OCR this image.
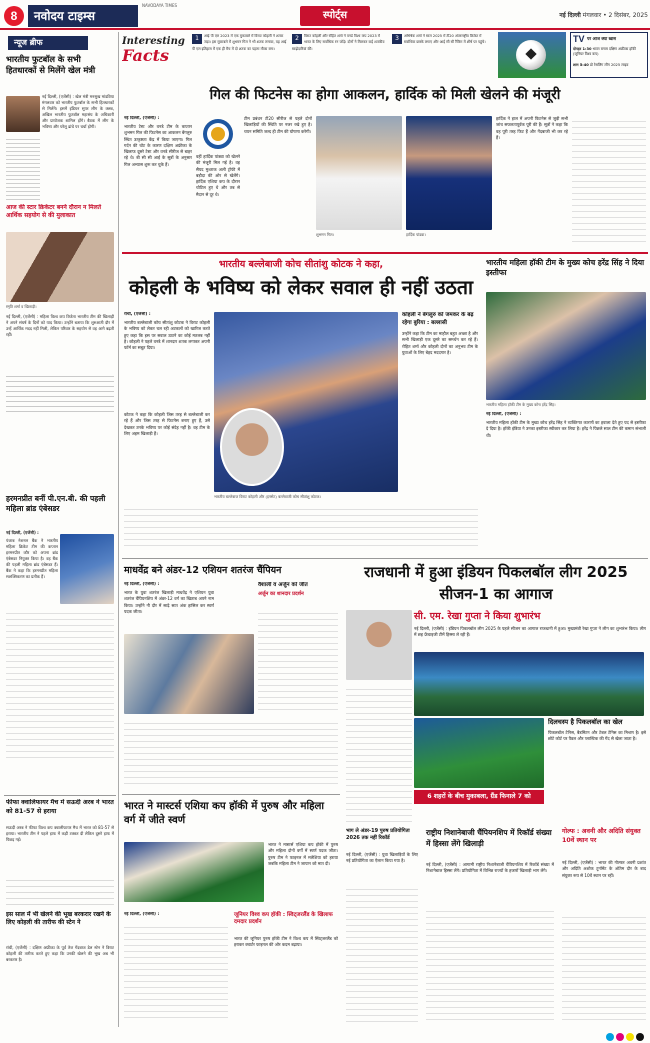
8	नवोदय टाइम्स
NAVODAYA TIMES
स्पोर्ट्स	नई दिल्ली मंगलवार • 2 दिसंबर, 2025
Interesting
Facts
1	आई पी एल 2023 में एक मुकाबले में विराट कोहली ने शतक जड़ा। इस मुकाबले में शुभमन गिल ने भी शतक लगाया, यह आई पी एल इतिहास में एक ही मैच में दो शतक का पहला मौका बना।
2	विराट कोहली और रोहित शर्मा ने वनडे विश्व कप 2023 में भारत के लिए सर्वाधिक रन जोड़े। दोनों ने मिलकर कई शतकीय साझेदारियां कीं।
3	अभिषेक शर्मा ने साल 2025 में टी20 अंतरराष्ट्रीय क्रिकेट में सर्वाधिक छक्के लगाए और आई सी सी रैंकिंग में शीर्ष पर पहुंचे।	TV पर आज क्या खास
दोपहर 1:30 भारत बनाम दक्षिण अफ्रीका हॉकी (जूनियर विश्व कप)
शाम 5:40 प्रो रेसलिंग लीग 2025 लाइव
न्यूज ब्रीफ
भारतीय फुटबॉल के सभी हितधारकों से मिलेंगे खेल मंत्री
नई दिल्ली, (एजेंसी) : खेल मंत्री मनसुख मांडविया मंगलवार को भारतीय फुटबॉल के सभी हितधारकों से मिलेंगे। इसमें इंडियन सुपर लीग के क्लब, अखिल भारतीय फुटबॉल महासंघ के अधिकारी और प्रायोजक शामिल होंगे। बैठक में लीग के भविष्य और घरेलू ढांचे पर चर्चा होगी।
आज की स्टार क्रिकेटर बनने दौरान न मिलते आर्थिक सहयोग से की मुलाकात
स्मृति शर्मा व खिलाड़ी।
नई दिल्ली, (एजेंसी) : महिला विश्व कप विजेता भारतीय टीम की खिलाड़ी ने अपने संघर्ष के दिनों को याद किया। उन्होंने बताया कि शुरुआती दौर में उन्हें आर्थिक मदद नहीं मिली, लेकिन परिवार के सहयोग से वह आगे बढ़ती रहीं।
हरमनप्रीत बनीं पी.एन.बी. की पहली महिला ब्रांड एंबेसडर
नई दिल्ली, (एजेंसी) :
पंजाब नेशनल बैंक ने भारतीय महिला क्रिकेट टीम की कप्तान हरमनप्रीत कौर को अपना ब्रांड एंबेसडर नियुक्त किया है। वह बैंक की पहली महिला ब्रांड एंबेसडर हैं। बैंक ने कहा कि हरमनप्रीत महिला सशक्तिकरण का प्रतीक हैं।
फीफा क्वालिफायर मैच में सऊदी अरब ने भारत को 81-57 से हराया
सऊदी अरब ने फीफा विश्व कप क्वालीफायर मैच में भारत को 81-57 से हराया। भारतीय टीम ने पहले हाफ में कड़ी टक्कर दी लेकिन दूसरे हाफ में पिछड़ गई।
इस साल में भी खेलने की भूख बरकरार रखने के लिए कोहली की तारीफ की स्टेन ने
रांची, (एजेंसी) : दक्षिण अफ्रीका के पूर्व तेज गेंदबाज डेल स्टेन ने विराट कोहली की तारीफ करते हुए कहा कि उनकी खेलने की भूख अब भी बरकरार है।
गिल की फिटनेस का होगा आकलन, हार्दिक को मिली खेलने की मंजूरी
नई दिल्ली, (एजेंसी) :
भारतीय टेस्ट और वनडे टीम के कप्तान शुभमन गिल की फिटनेस का आकलन बेंगलुरु स्थित उत्कृष्टता केंद्र में किया जाएगा। गिल गर्दन की चोट के कारण दक्षिण अफ्रीका के खिलाफ दूसरे टेस्ट और वनडे सीरीज से बाहर रहे थे। बी सी सी आई के सूत्रों के अनुसार गिल अभ्यास शुरू कर चुके हैं।
वहीं हार्दिक पांड्या को खेलने की मंजूरी मिल गई है। वह सैयद मुश्ताक अली ट्रॉफी में बड़ौदा की ओर से खेलेंगे। हार्दिक एशिया कप के दौरान चोटिल हुए थे और तब से मैदान से दूर थे।
टीम प्रबंधन टी20 सीरीज से पहले दोनों खिलाड़ियों की स्थिति पर नजर रखे हुए है। चयन समिति जल्द ही टीम की घोषणा करेगी।
शुभमन गिल।	हार्दिक पांड्या।
हार्दिक ने हाल में अपनी फिटनेस से जुड़ी सभी जांच सफलतापूर्वक पूरी की हैं। सूत्रों ने कहा कि वह पूरी तरह फिट हैं और गेंदबाजी भी कर रहे हैं।
भारतीय बल्लेबाजी कोच सीतांशु कोटक ने कहा,
कोहली के भविष्य को लेकर सवाल ही नहीं उठता
रांची, (एजेंसी) :
भारतीय बल्लेबाजी कोच सीतांशु कोटक ने विराट कोहली के भविष्य को लेकर चल रही अटकलों को खारिज करते हुए कहा कि इस पर सवाल उठाने का कोई मतलब नहीं है। कोहली ने पहले वनडे में शानदार शतक लगाकर अपनी फॉर्म का सबूत दिया।
कोटक ने कहा कि कोहली जिस तरह से बल्लेबाजी कर रहे हैं और जिस तरह से फिटनेस बनाए हुए हैं, उसे देखकर उनके भविष्य पर कोई संदेह नहीं है। वह टीम के लिए अहम खिलाड़ी हैं।
भारतीय बल्लेबाज विराट कोहली और (इनसेट) बल्लेबाजी कोच सीतांशु कोटक।
कोहली ने बेंगलुरु को जमकर के बढ़ रहेगा बुरिया : बल्लासी
उन्होंने कहा कि टीम का माहौल बहुत अच्छा है और सभी खिलाड़ी एक दूसरे का समर्थन कर रहे हैं। रोहित शर्मा और कोहली दोनों का अनुभव टीम के युवाओं के लिए बेहद मददगार है।
भारतीय महिला हॉकी टीम के मुख्य कोच हरेंद्र सिंह ने दिया इस्तीफा
भारतीय महिला हॉकी टीम के मुख्य कोच हरेंद्र सिंह।
नई दिल्ली, (एजेंसी) :
भारतीय महिला हॉकी टीम के मुख्य कोच हरेंद्र सिंह ने व्यक्तिगत कारणों का हवाला देते हुए पद से इस्तीफा दे दिया है। हॉकी इंडिया ने उनका इस्तीफा स्वीकार कर लिया है। हरेंद्र ने पिछले साल टीम की कमान संभाली थी।
माधवेंद्र बने अंडर-12 एशियन शतरंज चैंपियन
नई दिल्ली, (एजेंसी) :
भारत के युवा शतरंज खिलाड़ी माधवेंद्र ने एशियन युवा शतरंज चैंपियनशिप में अंडर-12 वर्ग का खिताब अपने नाम किया। उन्होंने नौ दौर में साढ़े सात अंक हासिल कर स्वर्ण पदक जीता।
वैशाली व अर्जुन को जीत
अर्जुन का शानदार प्रदर्शन
राजधानी में हुआ इंडियन पिकलबॉल लीग 2025 सीजन-1 का आगाज
सी. एम. रेखा गुप्ता ने किया शुभारंभ
नई दिल्ली, (एजेंसी) : इंडियन पिकलबॉल लीग 2025 के पहले सीजन का आगाज राजधानी में हुआ। मुख्यमंत्री रेखा गुप्ता ने लीग का शुभारंभ किया। लीग में छह फ्रेंचाइजी टीमें हिस्सा ले रही हैं।
6 शहरों के बीच मुकाबला, ग्रैंड फिनाले 7 को
दिलचस्प है पिकलबॉल का खेल
पिकलबॉल टेनिस, बैडमिंटन और टेबल टेनिस का मिश्रण है। इसे छोटे कोर्ट पर पैडल और प्लास्टिक की गेंद से खेला जाता है।
भारत ने मास्टर्स एशिया कप हॉकी में पुरुष और महिला वर्ग में जीते स्वर्ण
भारत ने मास्टर्स एशिया कप हॉकी में पुरुष और महिला दोनों वर्गों में स्वर्ण पदक जीता। पुरुष टीम ने फाइनल में मलेशिया को हराया जबकि महिला टीम ने जापान को मात दी।
नई दिल्ली, (एजेंसी) :	जूनियर विश्व कप हॉकी : स्विट्जरलैंड के खिलाफ दमदार प्रदर्शन
भारत की जूनियर पुरुष हॉकी टीम ने विश्व कप में स्विट्जरलैंड को हराकर क्वार्टर फाइनल की ओर कदम बढ़ाया।
भाग ले अंडर-19 पुरुष प्रतियोगिता 2026 तक नहीं रिकॉर्ड
नई दिल्ली, (एजेंसी) : युवा खिलाड़ियों के लिए नई प्रतियोगिता का ऐलान किया गया है।
राष्ट्रीय निशानेबाजी चैंपियनशिप में रिकॉर्ड संख्या में हिस्सा लेंगे खिलाड़ी
नई दिल्ली, (एजेंसी) : आगामी राष्ट्रीय निशानेबाजी चैंपियनशिप में रिकॉर्ड संख्या में निशानेबाज हिस्सा लेंगे। प्रतियोगिता में विभिन्न राज्यों के हजारों खिलाड़ी भाग लेंगे।
गोल्फ : अवनी और अदिति संयुक्त 10वें स्थान पर
नई दिल्ली, (एजेंसी) : भारत की गोल्फर अवनी प्रशांत और अदिति अशोक टूर्नामेंट के अंतिम दौर के बाद संयुक्त रूप से 10वें स्थान पर रहीं।
